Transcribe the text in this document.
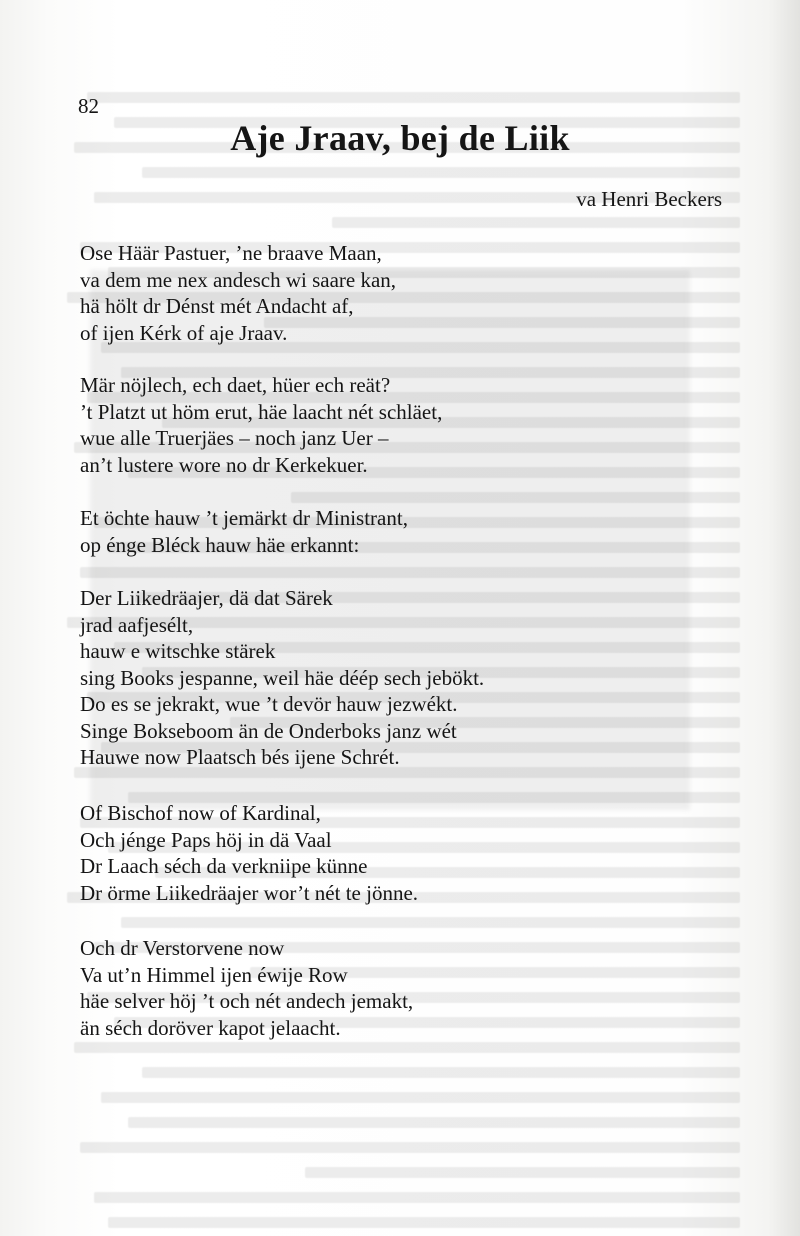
82
Aje Jraav, bej de Liik
va Henri Beckers
Ose Häär Pastuer, ’ne braave Maan,
va dem me nex andesch wi saare kan,
hä hölt dr Dénst mét Andacht af,
of ijen Kérk of aje Jraav.
Mär nöjlech, ech daet, hüer ech reät?
’t Platzt ut höm erut, häe laacht nét schläet,
wue alle Truerjäes – noch janz Uer –
an’t lustere wore no dr Kerkekuer.
Et öchte hauw ’t jemärkt dr Ministrant,
op énge Bléck hauw häe erkannt:
Der Liikedräajer, dä dat Särek
jrad aafjesélt,
hauw e witschke stärek
sing Books jespanne, weil häe déép sech jebökt.
Do es se jekrakt, wue ’t devör hauw jezwékt.
Singe Bokseboom än de Onderboks janz wét
Hauwe now Plaatsch bés ijene Schrét.
Of Bischof now of Kardinal,
Och jénge Paps höj in dä Vaal
Dr Laach séch da verkniipe künne
Dr örme Liikedräajer wor’t nét te jönne.
Och dr Verstorvene now
Va ut’n Himmel ijen éwije Row
häe selver höj ’t och nét andech jemakt,
än séch doröver kapot jelaacht.
